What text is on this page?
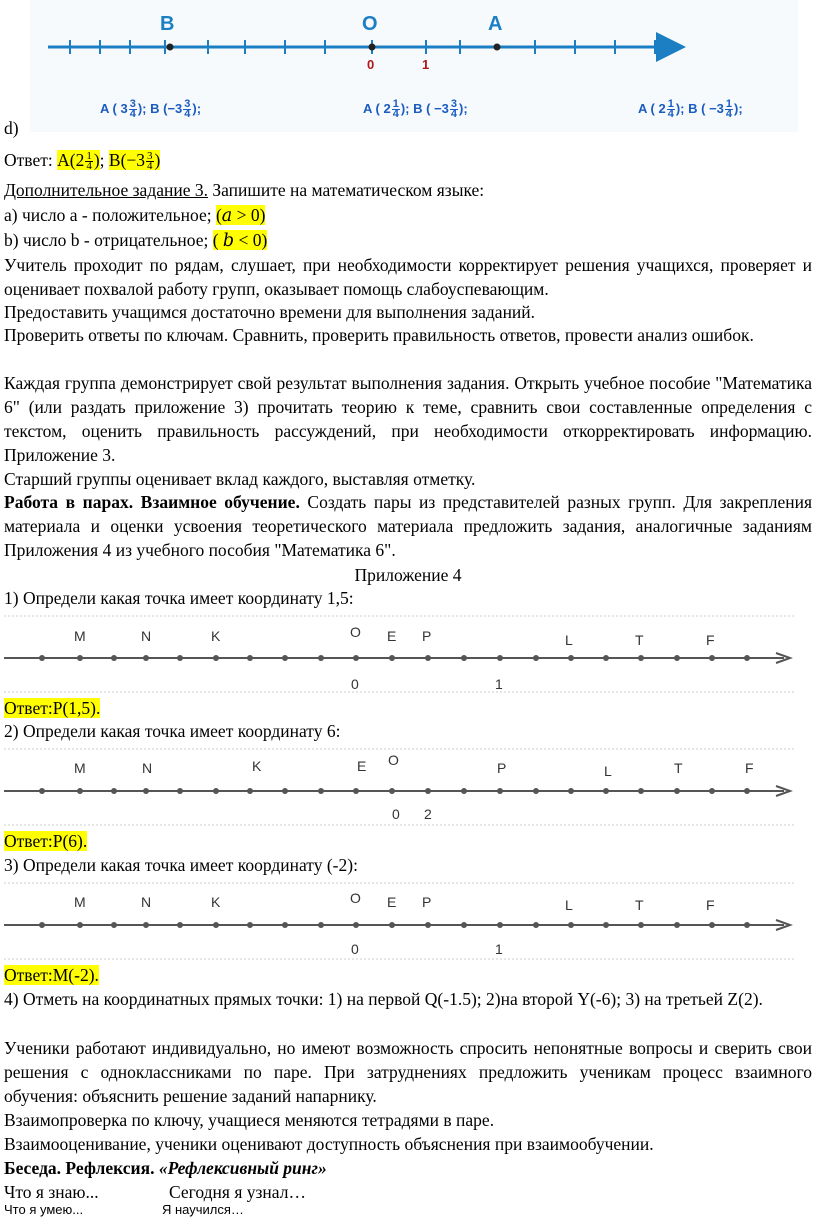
B	O	A
0	1
A ( $3 \frac{3}{4}$ ); B ($-3 \frac{3}{4}$ );	A ( $2 \frac{1}{4}$ ); B ( $-3 \frac{3}{4}$ );	A ( $2 \frac{1}{4}$ ); B ( $-3 \frac{1}{4}$ );
d)
Ответ: $A(2 \frac{1}{4}$ ); $B(-3 \frac{3}{4}$ )
Дополнительное задание 3. Запишите на математическом языке:
а) число a - положительное; (𝑎 > 0)
b) число b - отрицательное; ( 𝑏 < 0)
Учитель проходит по рядам, слушает, при необходимости корректирует решения учащихся, проверяет и оценивает похвалой работу групп, оказывает помощь слабоуспевающим.
Предоставить учащимся достаточно времени для выполнения заданий.
Проверить ответы по ключам. Сравнить, проверить правильность ответов, провести анализ ошибок.
Каждая группа демонстрирует свой результат выполнения задания. Открыть учебное пособие "Математика 6" (или раздать приложение 3) прочитать теорию к теме, сравнить свои составленные определения с текстом, оценить правильность рассуждений, при необходимости откорректировать информацию. Приложение 3.
Старший группы оценивает вклад каждого, выставляя отметку.
Работа в парах. Взаимное обучение. Создать пары из представителей разных групп. Для закрепления материала и оценки усвоения теоретического материала предложить задания, аналогичные заданиям Приложения 4 из учебного пособия "Математика 6".
Приложение 4
1) Определи какая точка имеет координату 1,5:
M	N	K	O E P	L	T	F
0	1
Ответ:P(1,5).
2) Определи какая точка имеет координату 6:
M	N	K	E O	P	L	T	F
0 2
Ответ:P(6).
3) Определи какая точка имеет координату (-2):
M	N	K	O E P	L	T	F
0	1
Ответ:M(-2).
4) Отметь на координатных прямых точки: 1) на первой Q(-1.5); 2)на второй Y(-6); 3) на третьей Z(2).
Ученики работают индивидуально, но имеют возможность спросить непонятные вопросы и сверить свои решения с одноклассниками по паре. При затруднениях предложить ученикам процесс взаимного обучения: объяснить решение заданий напарнику.
Взаимопроверка по ключу, учащиеся меняются тетрадями в паре.
Взаимооценивание, ученики оценивают доступность объяснения при взаимообучении.
Беседа. Рефлексия. «Рефлексивный ринг»
Что я знаю...	Сегодня я узнал…
Что я умею...	Я научился…
